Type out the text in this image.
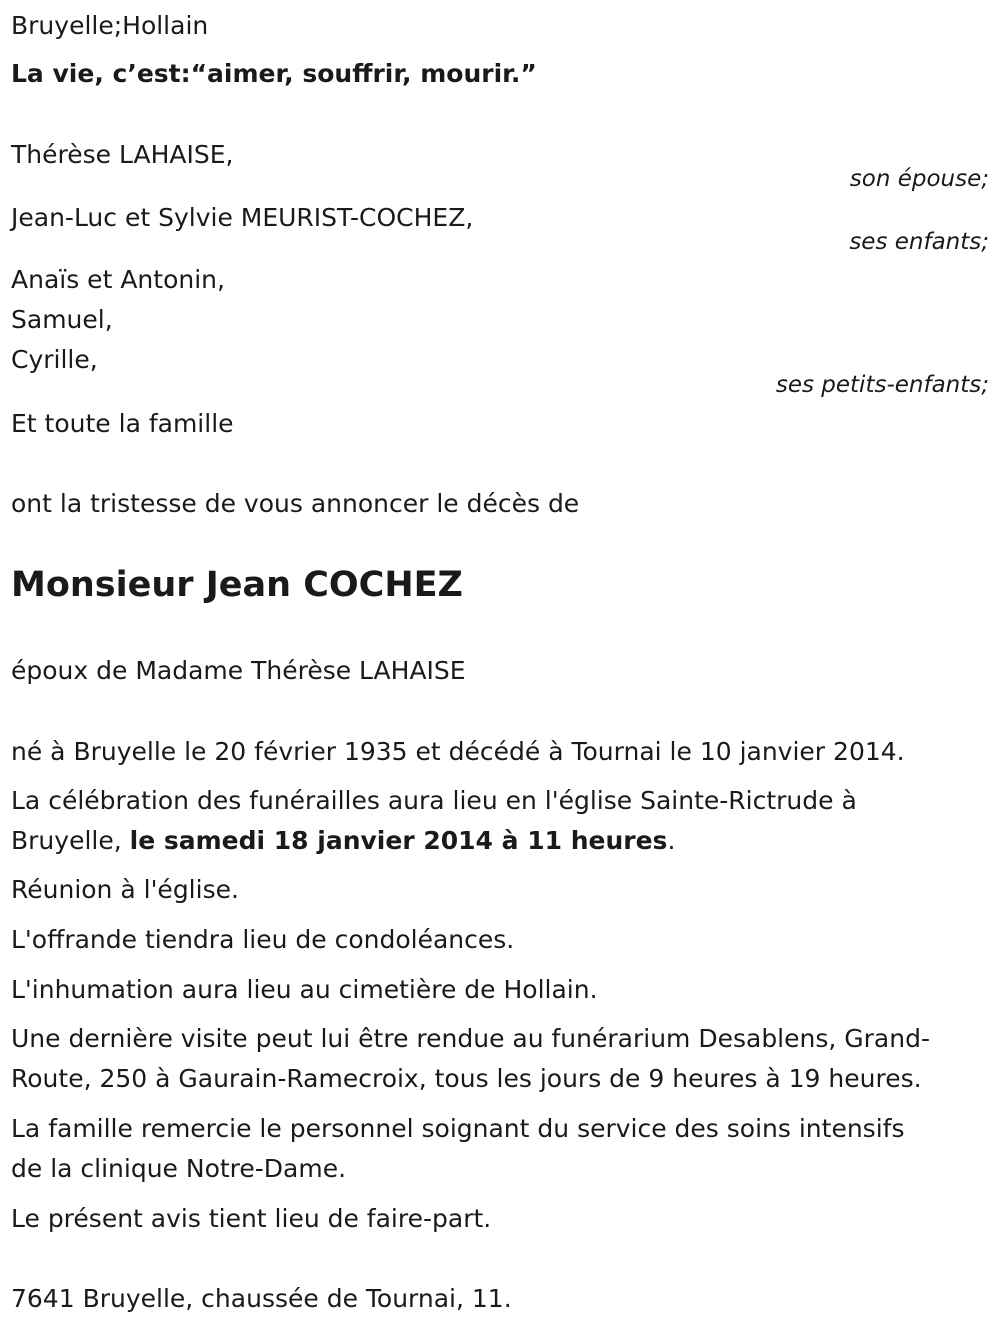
Bruyelle;Hollain
La vie, c’est:“aimer, souffrir, mourir.”
Thérèse LAHAISE,
son épouse;
Jean-Luc et Sylvie MEURIST-COCHEZ,
ses enfants;
Anaïs et Antonin,
Samuel,
Cyrille,
ses petits-enfants;
Et toute la famille
ont la tristesse de vous annoncer le décès de
Monsieur Jean COCHEZ
époux de Madame Thérèse LAHAISE
né à Bruyelle le 20 février 1935 et décédé à Tournai le 10 janvier 2014.
La célébration des funérailles aura lieu en l'église Sainte-Rictrude à
Bruyelle, le samedi 18 janvier 2014 à 11 heures.
Réunion à l'église.
L'offrande tiendra lieu de condoléances.
L'inhumation aura lieu au cimetière de Hollain.
Une dernière visite peut lui être rendue au funérarium Desablens, Grand-
Route, 250 à Gaurain-Ramecroix, tous les jours de 9 heures à 19 heures.
La famille remercie le personnel soignant du service des soins intensifs
de la clinique Notre-Dame.
Le présent avis tient lieu de faire-part.
7641 Bruyelle, chaussée de Tournai, 11.
